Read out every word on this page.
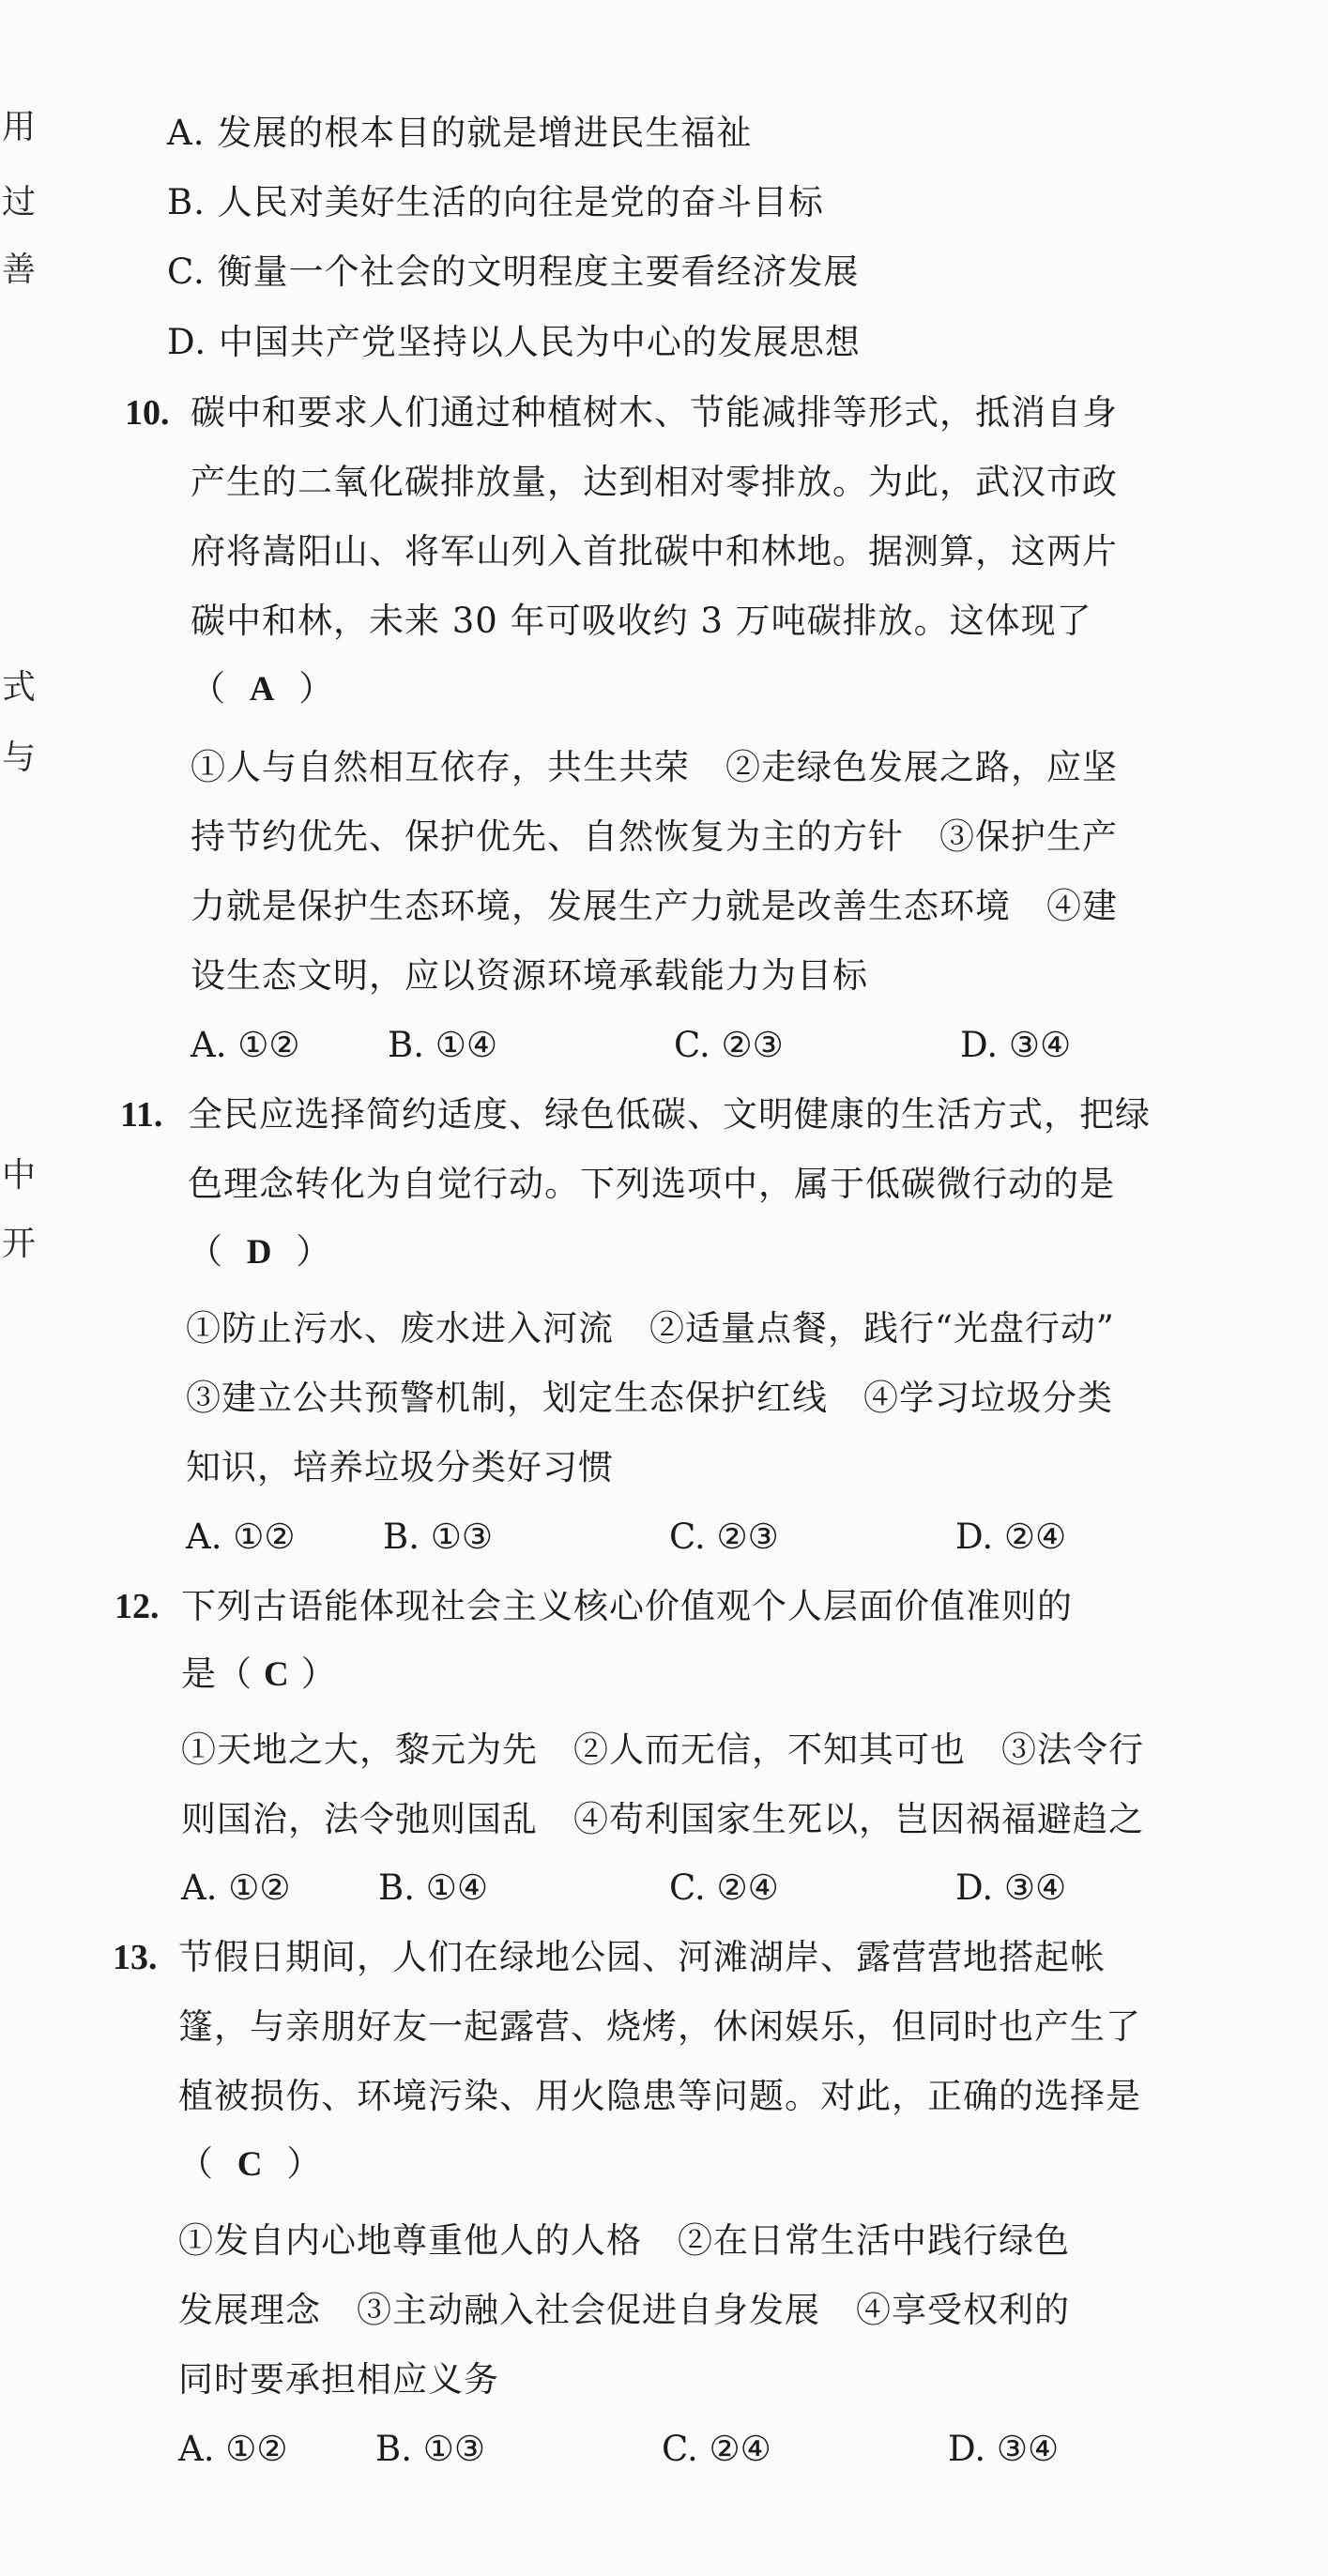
用
过
善
式
与
中
开
A. 发展的根本目的就是增进民生福祉
B. 人民对美好生活的向往是党的奋斗目标
C. 衡量一个社会的文明程度主要看经济发展
D. 中国共产党坚持以人民为中心的发展思想
10. 碳中和要求人们通过种植树木、节能减排等形式，抵消自身
产生的二氧化碳排放量，达到相对零排放。为此，武汉市政
府将嵩阳山、将军山列入首批碳中和林地。据测算，这两片
碳中和林，未来 30 年可吸收约 3 万吨碳排放。这体现了
（ A ）
①人与自然相互依存，共生共荣　②走绿色发展之路，应坚
持节约优先、保护优先、自然恢复为主的方针　③保护生产
力就是保护生态环境，发展生产力就是改善生态环境　④建
设生态文明，应以资源环境承载能力为目标
A. ①②	B. ①④	C. ②③	D. ③④
11. 全民应选择简约适度、绿色低碳、文明健康的生活方式，把绿
色理念转化为自觉行动。下列选项中，属于低碳微行动的是
（ D ）
①防止污水、废水进入河流　②适量点餐，践行“光盘行动”
③建立公共预警机制，划定生态保护红线　④学习垃圾分类
知识，培养垃圾分类好习惯
A. ①②	B. ①③	C. ②③	D. ②④
12. 下列古语能体现社会主义核心价值观个人层面价值准则的
是（ C ）
①天地之大，黎元为先　②人而无信，不知其可也　③法令行
则国治，法令弛则国乱　④苟利国家生死以，岂因祸福避趋之
A. ①②	B. ①④	C. ②④	D. ③④
13. 节假日期间，人们在绿地公园、河滩湖岸、露营营地搭起帐
篷，与亲朋好友一起露营、烧烤，休闲娱乐，但同时也产生了
植被损伤、环境污染、用火隐患等问题。对此，正确的选择是
（ C ）
①发自内心地尊重他人的人格　②在日常生活中践行绿色
发展理念　③主动融入社会促进自身发展　④享受权利的
同时要承担相应义务
A. ①②	B. ①③	C. ②④	D. ③④
